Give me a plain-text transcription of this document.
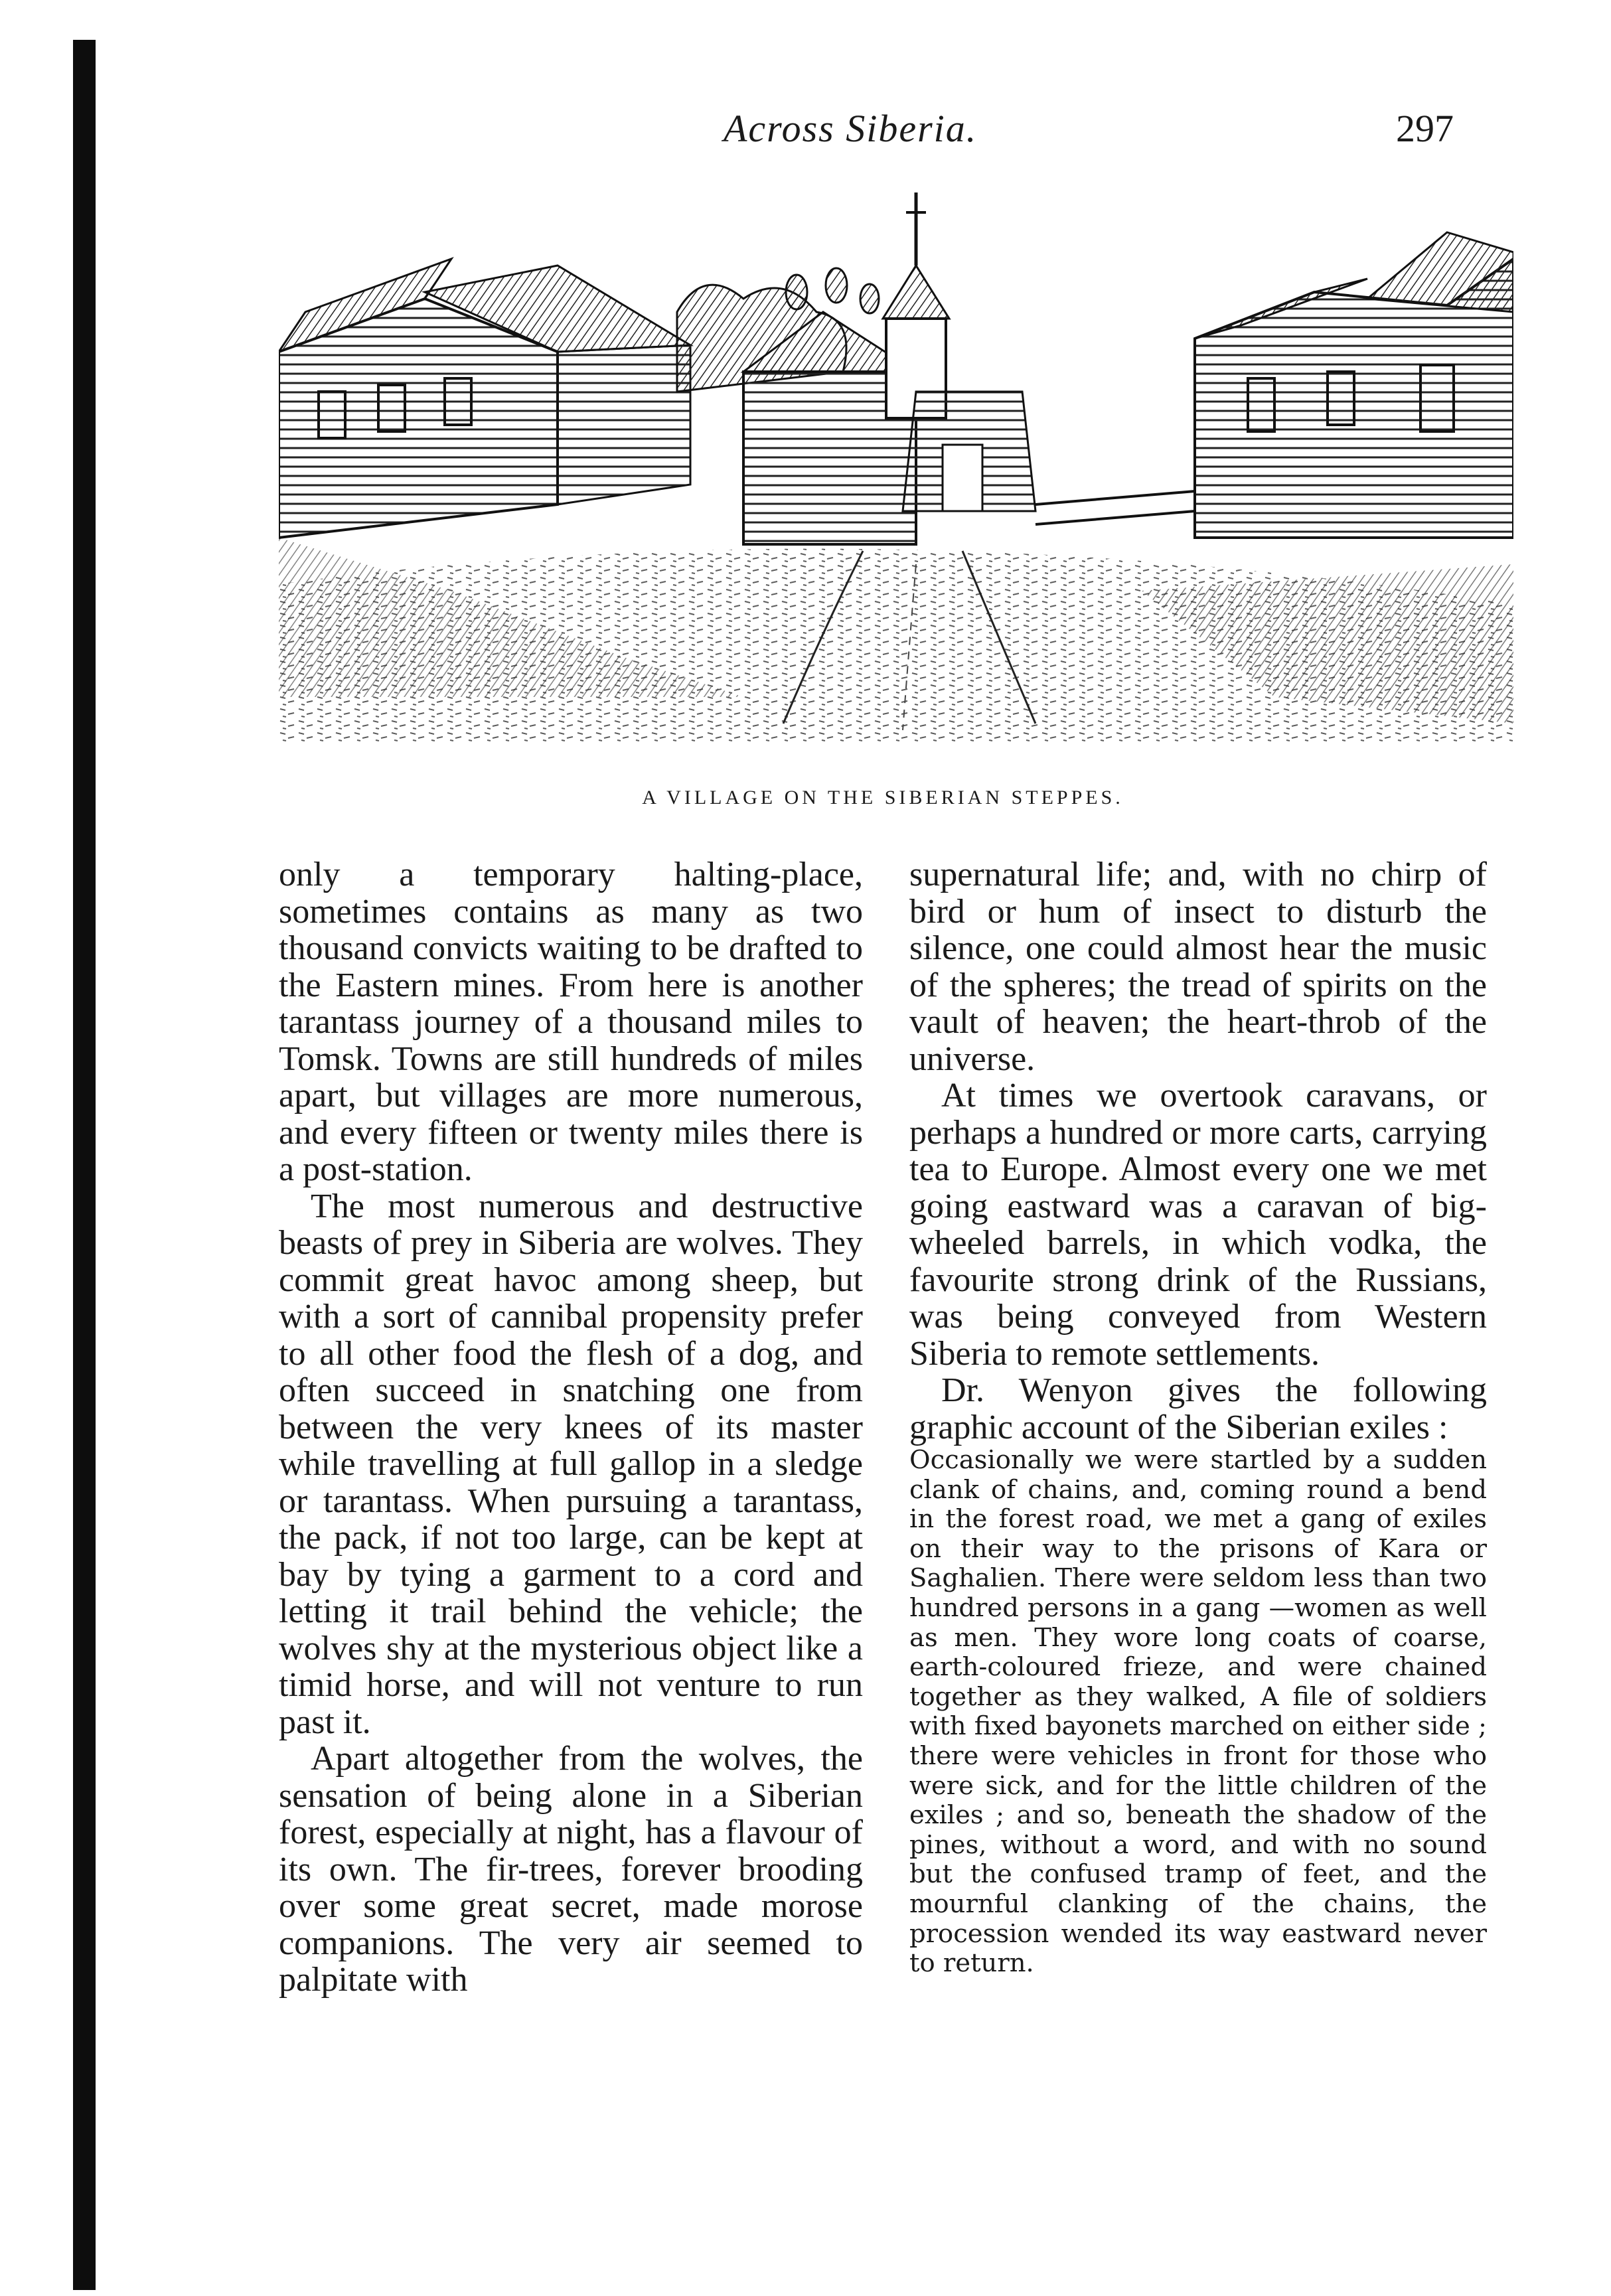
Across Siberia.	297
A VILLAGE ON THE SIBERIAN STEPPES.

only a temporary halting-place, sometimes contains as many as two thousand convicts waiting to be drafted to the Eastern mines. From here is another tarantass journey of a thousand miles to Tomsk. Towns are still hundreds of miles apart, but villages are more numerous, and every fifteen or twenty miles there is a post-station.

The most numerous and destructive beasts of prey in Siberia are wolves. They commit great havoc among sheep, but with a sort of cannibal propensity prefer to all other food the flesh of a dog, and often succeed in snatching one from between the very knees of its master while travelling at full gallop in a sledge or tarantass. When pursuing a tarantass, the pack, if not too large, can be kept at bay by tying a garment to a cord and letting it trail behind the vehicle; the wolves shy at the mysterious object like a timid horse, and will not venture to run past it.

Apart altogether from the wolves, the sensation of being alone in a Siberian forest, especially at night, has a flavour of its own. The fir-trees, forever brooding over some great secret, made morose companions. The very air seemed to palpitate with

supernatural life; and, with no chirp of bird or hum of insect to disturb the silence, one could almost hear the music of the spheres; the tread of spirits on the vault of heaven; the heart-throb of the universe.

At times we overtook caravans, or perhaps a hundred or more carts, carrying tea to Europe. Almost every one we met going eastward was a caravan of big-wheeled barrels, in which vodka, the favourite strong drink of the Russians, was being conveyed from Western Siberia to remote settlements.

Dr. Wenyon gives the following graphic account of the Siberian exiles :

Occasionally we were startled by a sudden clank of chains, and, coming round a bend in the forest road, we met a gang of exiles on their way to the prisons of Kara or Saghalien. There were seldom less than two hundred persons in a gang —women as well as men. They wore long coats of coarse, earth-coloured frieze, and were chained together as they walked, A file of soldiers with fixed bayonets marched on either side ; there were vehicles in front for those who were sick, and for the little children of the exiles ; and so, beneath the shadow of the pines, without a word, and with no sound but the confused tramp of feet, and the mournful clanking of the chains, the procession wended its way eastward never to return.
